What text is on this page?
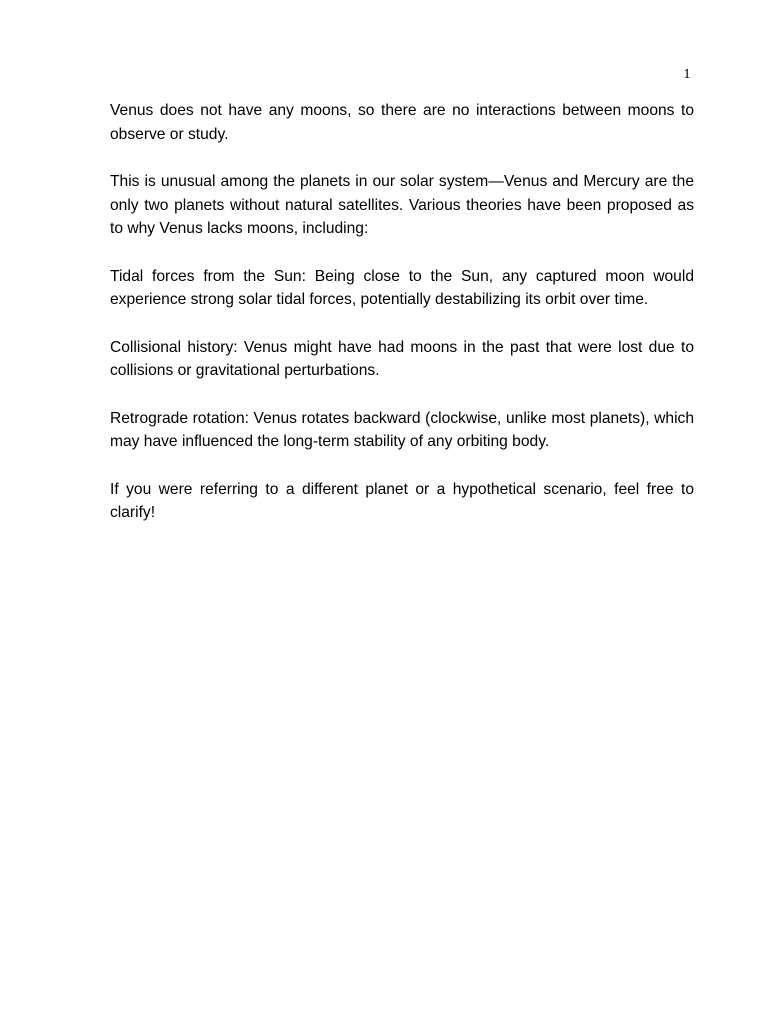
1

Venus does not have any moons, so there are no interactions between moons to observe or study.

This is unusual among the planets in our solar system—Venus and Mercury are the only two planets without natural satellites. Various theories have been proposed as to why Venus lacks moons, including:

Tidal forces from the Sun: Being close to the Sun, any captured moon would experience strong solar tidal forces, potentially destabilizing its orbit over time.

Collisional history: Venus might have had moons in the past that were lost due to collisions or gravitational perturbations.

Retrograde rotation: Venus rotates backward (clockwise, unlike most planets), which may have influenced the long-term stability of any orbiting body.

If you were referring to a different planet or a hypothetical scenario, feel free to clarify!
